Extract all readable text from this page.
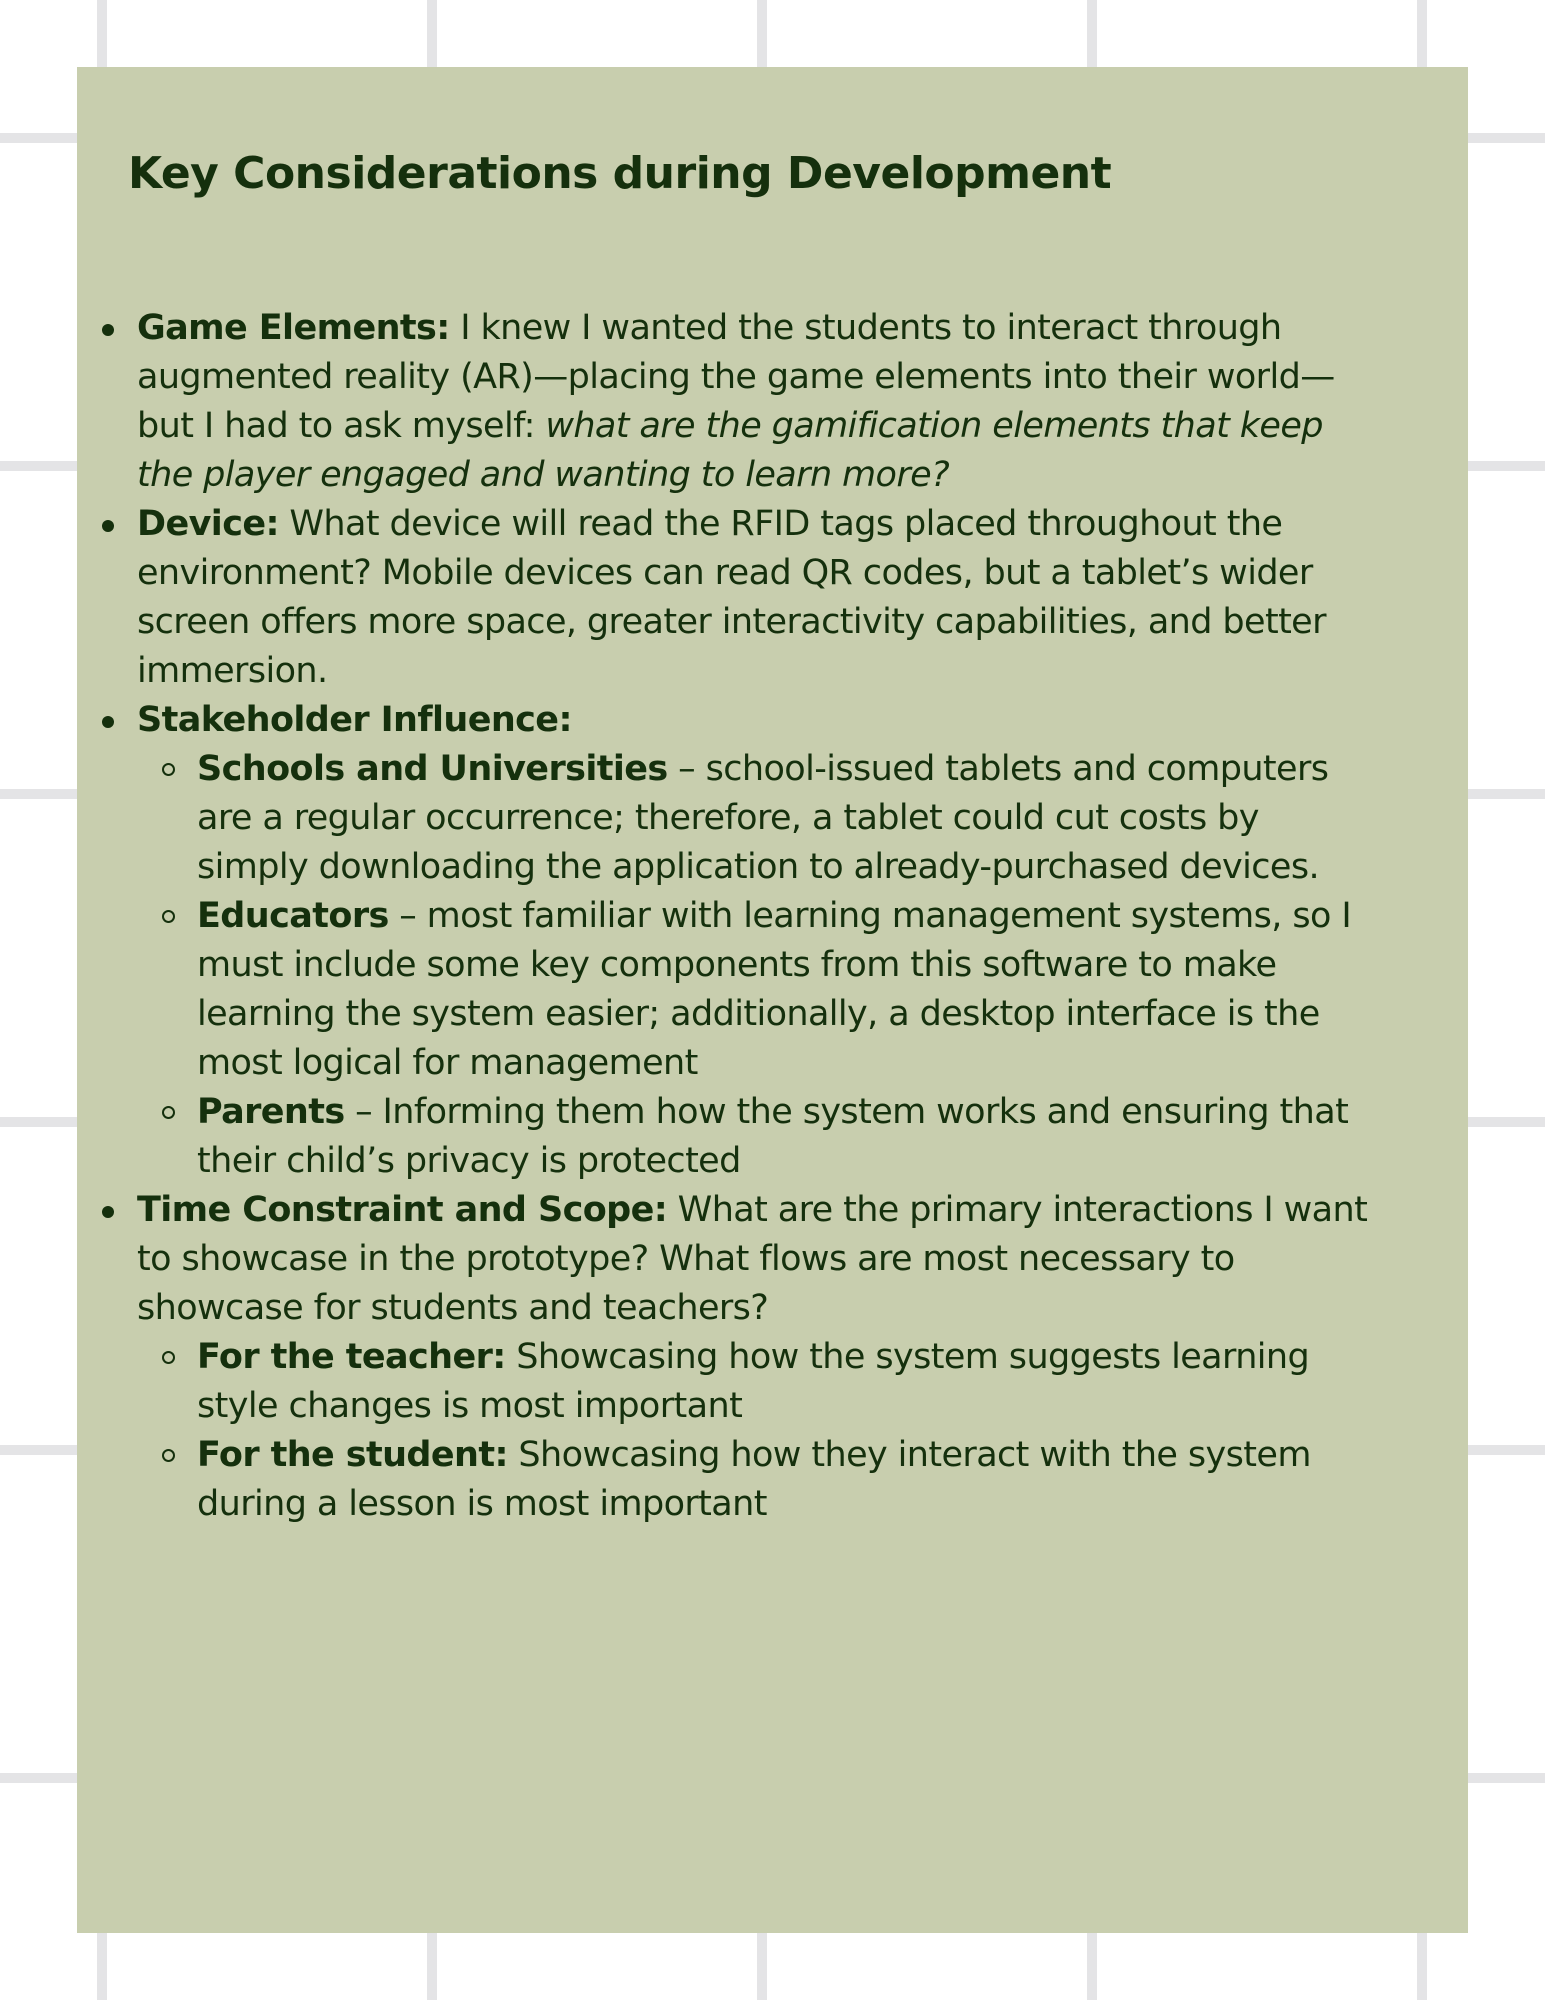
Key Considerations during Development
Game Elements: I knew I wanted the students to interact through augmented reality (AR)—placing the game elements into their world—but I had to ask myself: what are the gamification elements that keep the player engaged and wanting to learn more?
Device: What device will read the RFID tags placed throughout the environment? Mobile devices can read QR codes, but a tablet’s wider screen offers more space, greater interactivity capabilities, and better immersion.
Stakeholder Influence:
Schools and Universities – school-issued tablets and computers are a regular occurrence; therefore, a tablet could cut costs by simply downloading the application to already-purchased devices.
Educators – most familiar with learning management systems, so I must include some key components from this software to make learning the system easier; additionally, a desktop interface is the most logical for management
Parents – Informing them how the system works and ensuring that their child’s privacy is protected
Time Constraint and Scope: What are the primary interactions I want to showcase in the prototype? What flows are most necessary to showcase for students and teachers?
For the teacher: Showcasing how the system suggests learning style changes is most important
For the student: Showcasing how they interact with the system during a lesson is most important
